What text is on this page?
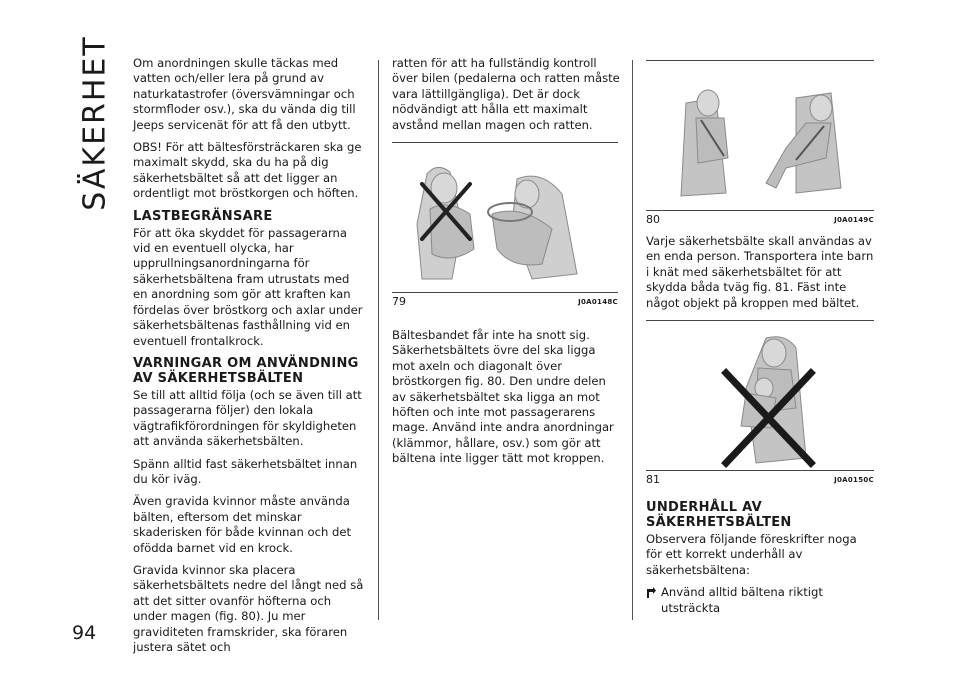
SÄKERHET
94

Om anordningen skulle täckas med vatten och/eller lera på grund av naturkatastrofer (översvämningar och stormfloder osv.), ska du vända dig till Jeeps servicenät för att få den utbytt.

OBS! För att bältesförsträckaren ska ge maximalt skydd, ska du ha på dig säkerhetsbältet så att det ligger an ordentligt mot bröstkorgen och höften.

LASTBEGRÄNSARE

För att öka skyddet för passagerarna vid en eventuell olycka, har upprullningsanordningarna för säkerhetsbältena fram utrustats med en anordning som gör att kraften kan fördelas över bröstkorg och axlar under säkerhetsbältenas fasthållning vid en eventuell frontalkrock.

VARNINGAR OM ANVÄNDNING AV SÄKERHETSBÄLTEN

Se till att alltid följa (och se även till att passagerarna följer) den lokala vägtrafikförordningen för skyldigheten att använda säkerhetsbälten.

Spänn alltid fast säkerhetsbältet innan du kör iväg.

Även gravida kvinnor måste använda bälten, eftersom det minskar skaderisken för både kvinnan och det ofödda barnet vid en krock.

Gravida kvinnor ska placera säkerhetsbältets nedre del långt ned så att det sitter ovanför höfterna och under magen (fig. 80). Ju mer graviditeten framskrider, ska föraren justera sätet och

ratten för att ha fullständig kontroll över bilen (pedalerna och ratten måste vara lättillgängliga). Det är dock nödvändigt att hålla ett maximalt avstånd mellan magen och ratten.

79	J0A0148C

Bältesbandet får inte ha snott sig. Säkerhetsbältets övre del ska ligga mot axeln och diagonalt över bröstkorgen fig. 80. Den undre delen av säkerhetsbältet ska ligga an mot höften och inte mot passagerarens mage. Använd inte andra anordningar (klämmor, hållare, osv.) som gör att bältena inte ligger tätt mot kroppen.

80	J0A0149C

Varje säkerhetsbälte skall användas av en enda person. Transportera inte barn i knät med säkerhetsbältet för att skydda båda tväg fig. 81. Fäst inte något objekt på kroppen med bältet.

81	J0A0150C
UNDERHÅLL AV SÄKERHETSBÄLTEN

Observera följande föreskrifter noga för ett korrekt underhåll av säkerhetsbältena:

Använd alltid bältena riktigt utsträckta
